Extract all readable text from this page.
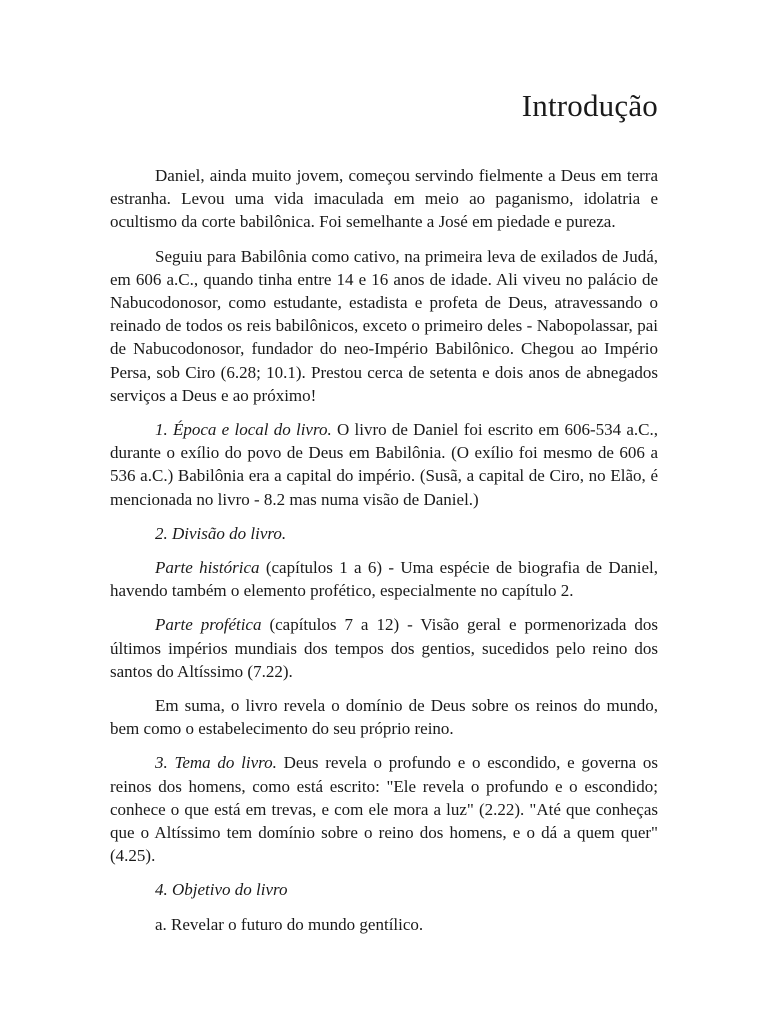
Introdução

Daniel, ainda muito jovem, começou servindo fielmente a Deus em terra estranha. Levou uma vida imaculada em meio ao paganismo, idolatria e ocultismo da corte babilônica. Foi semelhante a José em piedade e pureza.

Seguiu para Babilônia como cativo, na primeira leva de exilados de Judá, em 606 a.C., quando tinha entre 14 e 16 anos de idade. Ali viveu no palácio de Nabucodonosor, como estudante, estadista e profeta de Deus, atravessando o reinado de todos os reis babilônicos, exceto o primeiro deles - Nabopolassar, pai de Nabucodonosor, fundador do neo-Império Babilônico. Chegou ao Império Persa, sob Ciro (6.28; 10.1). Prestou cerca de setenta e dois anos de abnegados serviços a Deus e ao próximo!

1. Época e local do livro. O livro de Daniel foi escrito em 606-534 a.C., durante o exílio do povo de Deus em Babilônia. (O exílio foi mesmo de 606 a 536 a.C.) Babilônia era a capital do império. (Susã, a capital de Ciro, no Elão, é mencionada no livro - 8.2 mas numa visão de Daniel.)

2. Divisão do livro.

Parte histórica (capítulos 1 a 6) - Uma espécie de biografia de Daniel, havendo também o elemento profético, especialmente no capítulo 2.

Parte profética (capítulos 7 a 12) - Visão geral e pormenorizada dos últimos impérios mundiais dos tempos dos gentios, sucedidos pelo reino dos santos do Altíssimo (7.22).

Em suma, o livro revela o domínio de Deus sobre os reinos do mundo, bem como o estabelecimento do seu próprio reino.

3. Tema do livro. Deus revela o profundo e o escondido, e governa os reinos dos homens, como está escrito: "Ele revela o profundo e o escondido; conhece o que está em trevas, e com ele mora a luz" (2.22). "Até que conheças que o Altíssimo tem domínio sobre o reino dos homens, e o dá a quem quer" (4.25).

4. Objetivo do livro

a. Revelar o futuro do mundo gentílico.
